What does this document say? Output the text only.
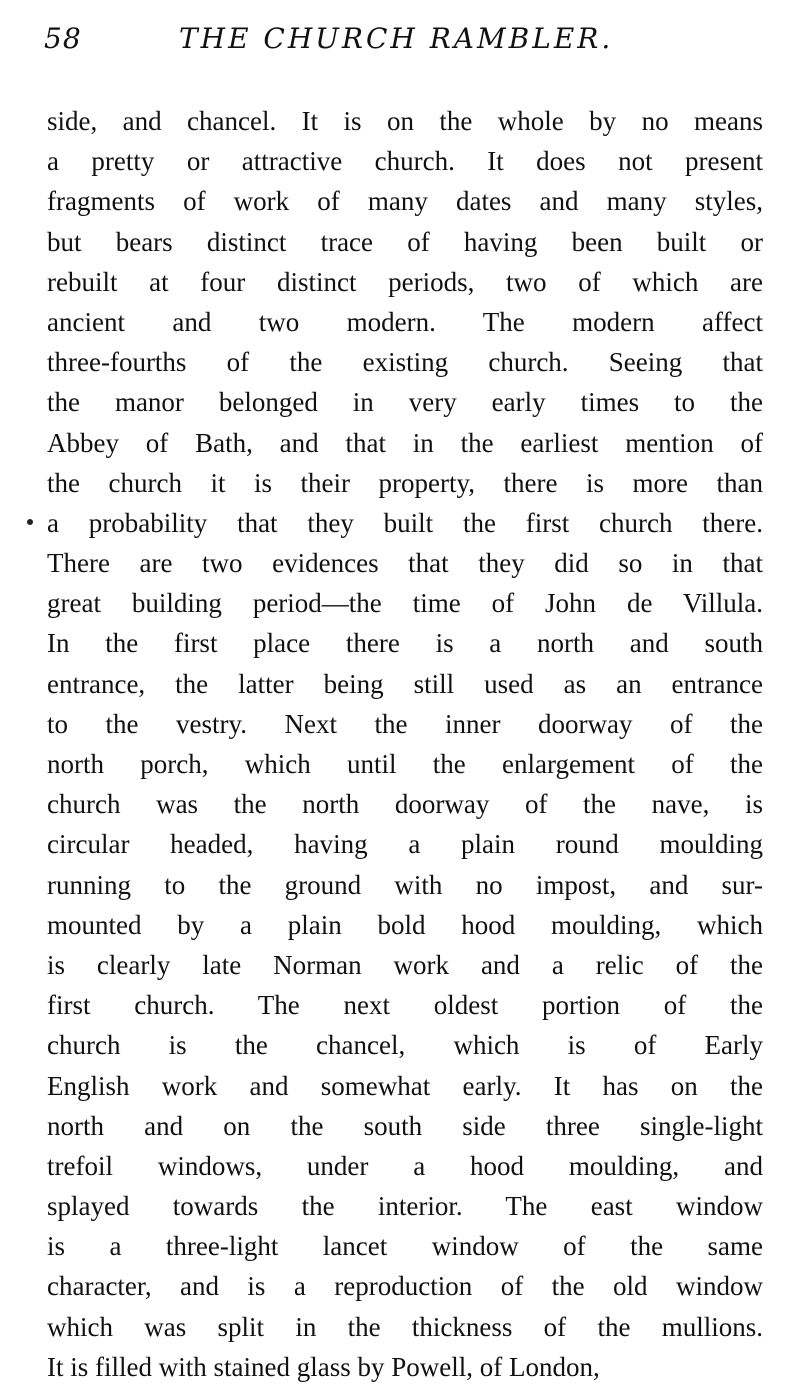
58	THE CHURCH RAMBLER.
side, and chancel. It is on the whole by no means
a pretty or attractive church. It does not present
fragments of work of many dates and many styles,
but bears distinct trace of having been built or
rebuilt at four distinct periods, two of which are
ancient and two modern. The modern affect
three-fourths of the existing church. Seeing that
the manor belonged in very early times to the
Abbey of Bath, and that in the earliest mention of
the church it is their property, there is more than
a probability that they built the first church there.
There are two evidences that they did so in that
great building period—the time of John de Villula.
In the first place there is a north and south
entrance, the latter being still used as an entrance
to the vestry. Next the inner doorway of the
north porch, which until the enlargement of the
church was the north doorway of the nave, is
circular headed, having a plain round moulding
running to the ground with no impost, and sur-
mounted by a plain bold hood moulding, which
is clearly late Norman work and a relic of the
first church. The next oldest portion of the
church is the chancel, which is of Early
English work and somewhat early. It has on the
north and on the south side three single-light
trefoil windows, under a hood moulding, and
splayed towards the interior. The east window
is a three-light lancet window of the same
character, and is a reproduction of the old window
which was split in the thickness of the mullions.
It is filled with stained glass by Powell, of London,
